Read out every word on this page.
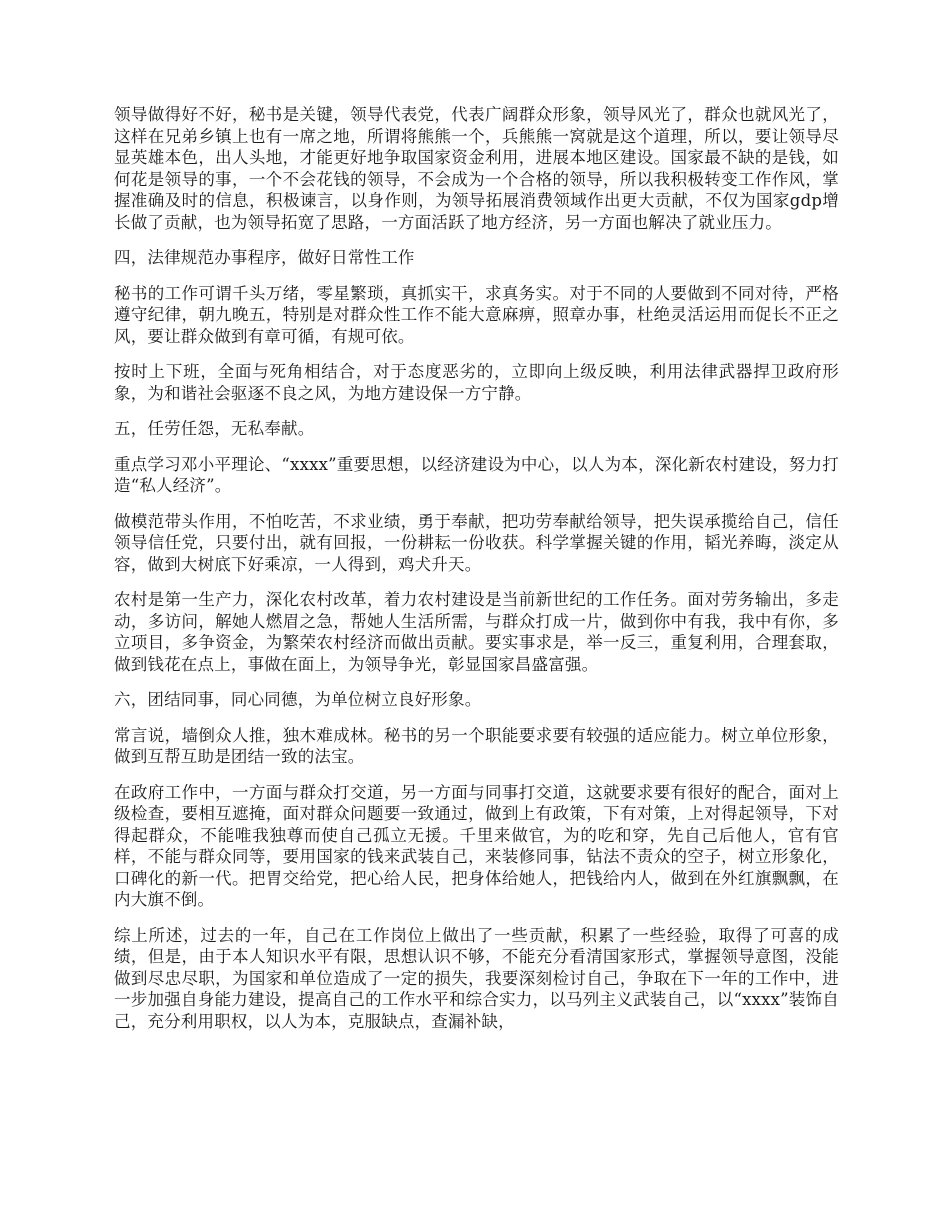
领导做得好不好，秘书是关键，领导代表党，代表广阔群众形象，领导风光了，群众也就风光了，这样在兄弟乡镇上也有一席之地，所谓将熊熊一个，兵熊熊一窝就是这个道理，所以，要让领导尽显英雄本色，出人头地，才能更好地争取国家资金利用，进展本地区建设。国家最不缺的是钱，如何花是领导的事，一个不会花钱的领导，不会成为一个合格的领导，所以我积极转变工作作风，掌握准确及时的信息，积极谏言，以身作则，为领导拓展消费领域作出更大贡献，不仅为国家gdp增长做了贡献，也为领导拓宽了思路，一方面活跃了地方经济，另一方面也解决了就业压力。

四，法律规范办事程序，做好日常性工作

秘书的工作可谓千头万绪，零星繁琐，真抓实干，求真务实。对于不同的人要做到不同对待，严格遵守纪律，朝九晚五，特别是对群众性工作不能大意麻痹，照章办事，杜绝灵活运用而促长不正之风，要让群众做到有章可循，有规可依。

按时上下班，全面与死角相结合，对于态度恶劣的，立即向上级反映，利用法律武器捍卫政府形象，为和谐社会驱逐不良之风，为地方建设保一方宁静。

五，任劳任怨，无私奉献。

重点学习邓小平理论、“xxxx”重要思想，以经济建设为中心，以人为本，深化新农村建设，努力打造“私人经济”。

做模范带头作用，不怕吃苦，不求业绩，勇于奉献，把功劳奉献给领导，把失误承揽给自己，信任领导信任党，只要付出，就有回报，一份耕耘一份收获。科学掌握关键的作用，韬光养晦，淡定从容，做到大树底下好乘凉，一人得到，鸡犬升天。

农村是第一生产力，深化农村改革，着力农村建设是当前新世纪的工作任务。面对劳务输出，多走动，多访问，解她人燃眉之急，帮她人生活所需，与群众打成一片，做到你中有我，我中有你，多立项目，多争资金，为繁荣农村经济而做出贡献。要实事求是，举一反三，重复利用，合理套取，做到钱花在点上，事做在面上，为领导争光，彰显国家昌盛富强。

六，团结同事，同心同德，为单位树立良好形象。

常言说，墙倒众人推，独木难成林。秘书的另一个职能要求要有较强的适应能力。树立单位形象，做到互帮互助是团结一致的法宝。

在政府工作中，一方面与群众打交道，另一方面与同事打交道，这就要求要有很好的配合，面对上级检查，要相互遮掩，面对群众问题要一致通过，做到上有政策，下有对策，上对得起领导，下对得起群众，不能唯我独尊而使自己孤立无援。千里来做官，为的吃和穿，先自己后他人，官有官样，不能与群众同等，要用国家的钱来武装自己，来装修同事，钻法不责众的空子，树立形象化，口碑化的新一代。把胃交给党，把心给人民，把身体给她人，把钱给内人，做到在外红旗飘飘，在内大旗不倒。

综上所述，过去的一年，自己在工作岗位上做出了一些贡献，积累了一些经验，取得了可喜的成绩，但是，由于本人知识水平有限，思想认识不够，不能充分看清国家形式，掌握领导意图，没能做到尽忠尽职，为国家和单位造成了一定的损失，我要深刻检讨自己，争取在下一年的工作中，进一步加强自身能力建设，提高自己的工作水平和综合实力，以马列主义武装自己，以“xxxx”装饰自己，充分利用职权，以人为本，克服缺点，查漏补缺，
